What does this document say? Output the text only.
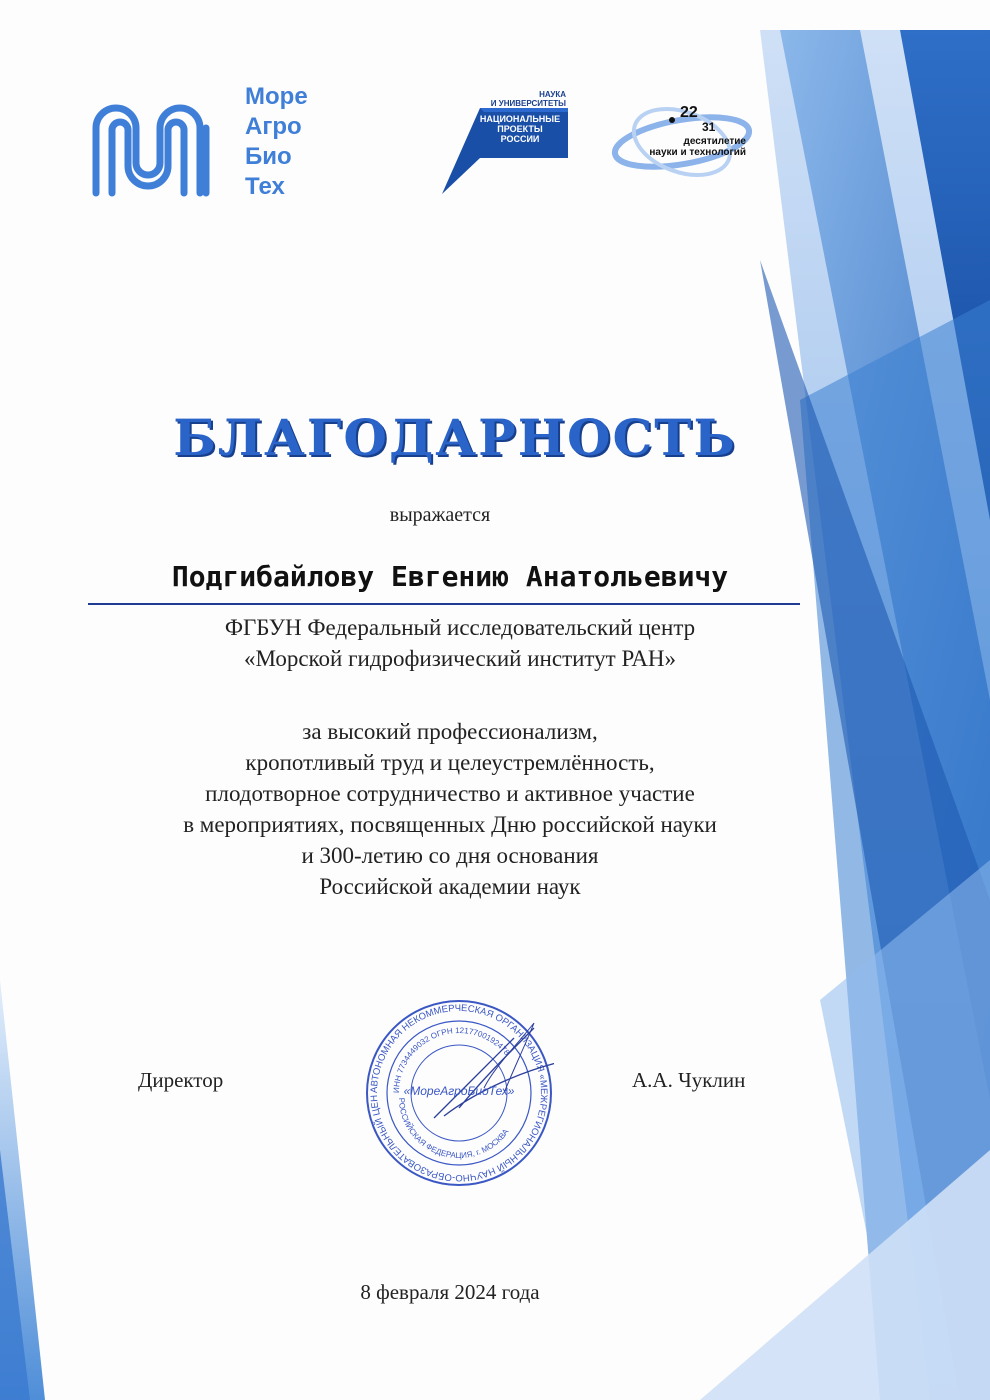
Море
Агро
Био
Тех
НАУКА
И УНИВЕРСИТЕТЫ
НАЦИОНАЛЬНЫЕ
ПРОЕКТЫ
РОССИИ
22
31
десятилетие
науки и технологий
БЛАГОДАРНОСТЬ
выражается
Подгибайлову Евгению Анатольевичу
ФГБУН Федеральный исследовательский центр
«Морской гидрофизический институт РАН»
за высокий профессионализм,
кропотливый труд и целеустремлённость,
плодотворное сотрудничество и активное участие
в мероприятиях, посвященных Дню российской науки
и 300-летию со дня основания
Российской академии наук
Директор	АВТОНОМНАЯ НЕКОММЕРЧЕСКАЯ ОРГАНИЗАЦИЯ «МЕЖРЕГИОНАЛЬНЫЙ НАУЧНО-ОБРАЗОВАТЕЛЬНЫЙ ЦЕН
ИНН 7734449032 ОГРН 1217700192478
РОССИЙСКАЯ ФЕДЕРАЦИЯ, г. МОСКВА
«МореАгроБиоТех»	А.А. Чуклин
8 февраля 2024 года
